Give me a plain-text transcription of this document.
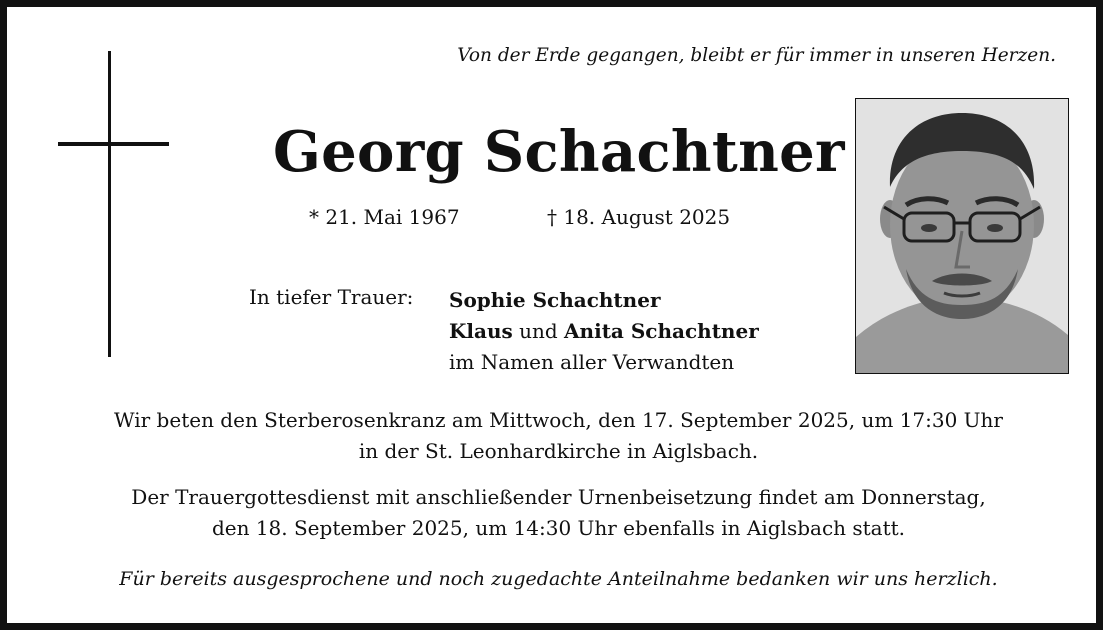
Von der Erde gegangen, bleibt er für immer in unseren Herzen.
Georg Schachtner
* 21. Mai 1967	† 18. August 2025
In tiefer Trauer: Sophie Schachtner
Klaus und Anita Schachtner
im Namen aller Verwandten
Wir beten den Sterberosenkranz am Mittwoch, den 17. September 2025, um 17:30 Uhr
in der St. Leonhardkirche in Aiglsbach.
Der Trauergottesdienst mit anschließender Urnenbeisetzung findet am Donnerstag,
den 18. September 2025, um 14:30 Uhr ebenfalls in Aiglsbach statt.
Für bereits ausgesprochene und noch zugedachte Anteilnahme bedanken wir uns herzlich.
